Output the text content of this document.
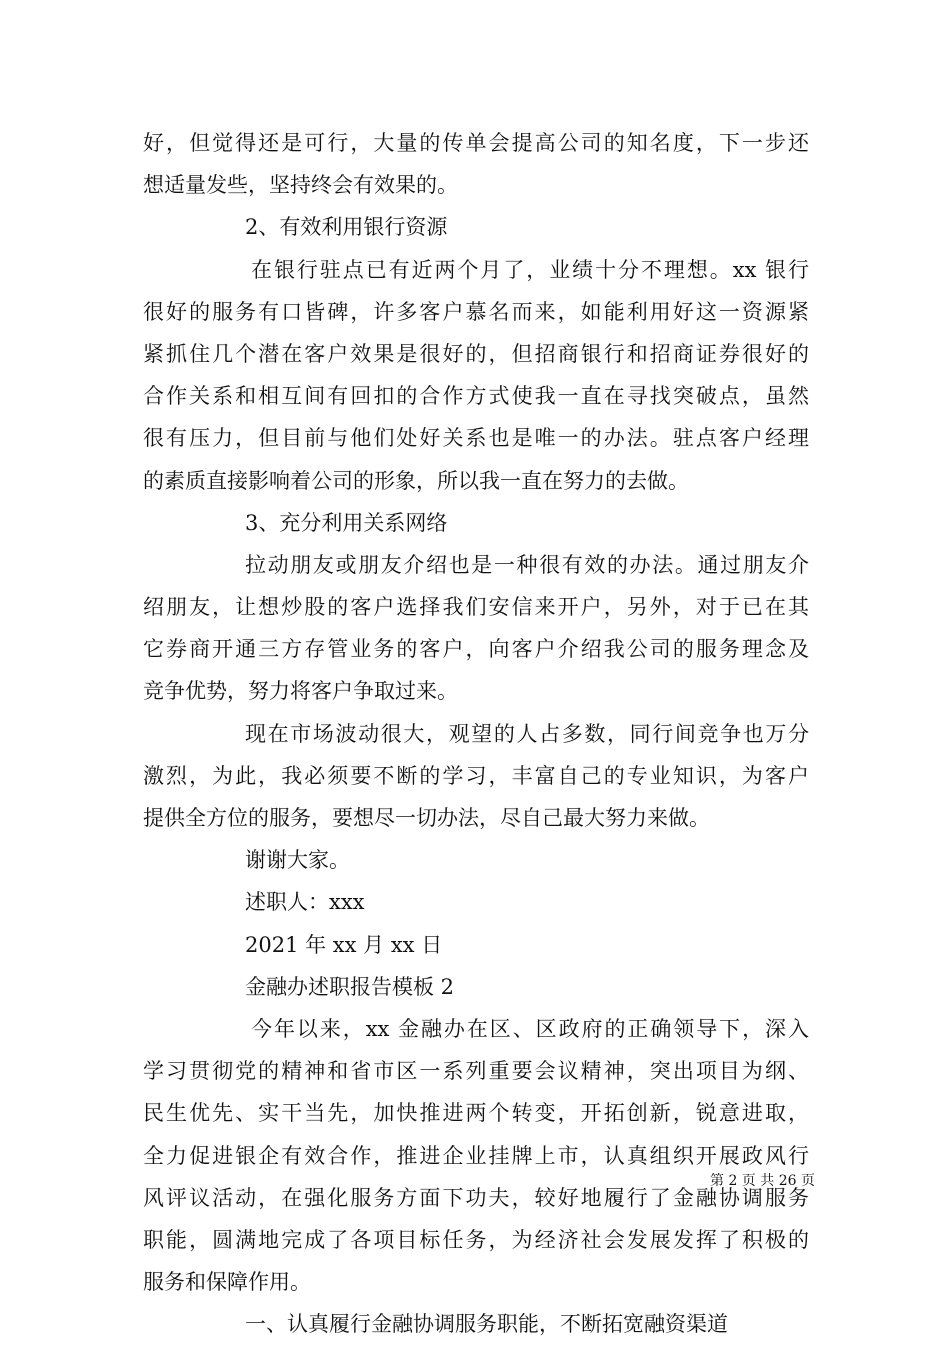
好，但觉得还是可行，大量的传单会提高公司的知名度，下一步还
想适量发些，坚持终会有效果的。
2、有效利用银行资源
在银行驻点已有近两个月了，业绩十分不理想。xx 银行
很好的服务有口皆碑，许多客户慕名而来，如能利用好这一资源紧
紧抓住几个潜在客户效果是很好的，但招商银行和招商证券很好的
合作关系和相互间有回扣的合作方式使我一直在寻找突破点，虽然
很有压力，但目前与他们处好关系也是唯一的办法。驻点客户经理
的素质直接影响着公司的形象，所以我一直在努力的去做。
3、充分利用关系网络
拉动朋友或朋友介绍也是一种很有效的办法。通过朋友介
绍朋友，让想炒股的客户选择我们安信来开户，另外，对于已在其
它券商开通三方存管业务的客户，向客户介绍我公司的服务理念及
竞争优势，努力将客户争取过来。
现在市场波动很大，观望的人占多数，同行间竞争也万分
激烈，为此，我必须要不断的学习，丰富自己的专业知识，为客户
提供全方位的服务，要想尽一切办法，尽自己最大努力来做。
谢谢大家。
述职人：xxx
2021 年 xx 月 xx 日
金融办述职报告模板 2
今年以来，xx 金融办在区、区政府的正确领导下，深入
学习贯彻党的精神和省市区一系列重要会议精神，突出项目为纲、
民生优先、实干当先，加快推进两个转变，开拓创新，锐意进取，
全力促进银企有效合作，推进企业挂牌上市，认真组织开展政风行
风评议活动，在强化服务方面下功夫，较好地履行了金融协调服务
职能，圆满地完成了各项目标任务，为经济社会发展发挥了积极的
服务和保障作用。
一、认真履行金融协调服务职能，不断拓宽融资渠道
第 2 页 共 26 页
